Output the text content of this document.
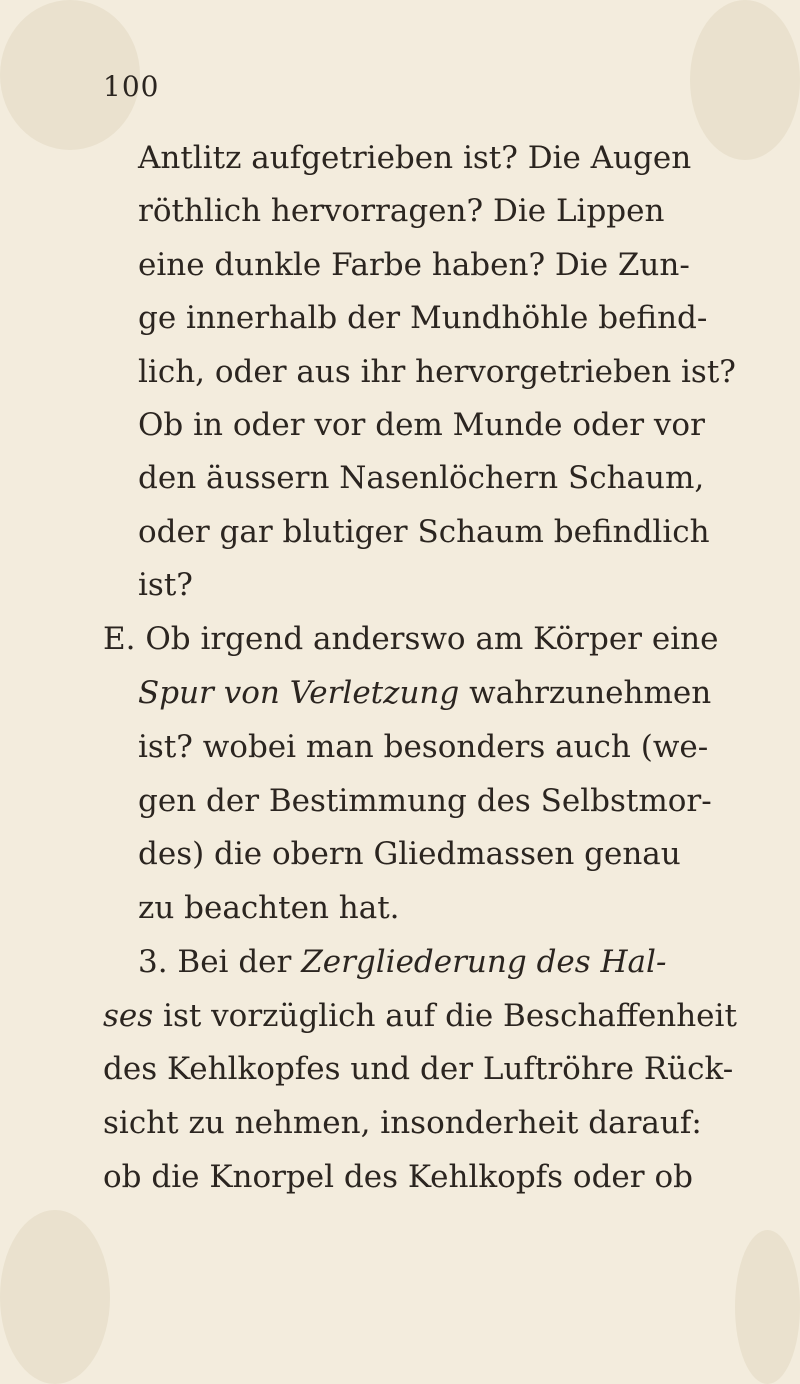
100

Antlitz aufgetrieben ist? Die Augen

röthlich hervorragen? Die Lippen

eine dunkle Farbe haben? Die Zun-

ge innerhalb der Mundhöhle befind-

lich, oder aus ihr hervorgetrieben ist?

Ob in oder vor dem Munde oder vor

den äussern Nasenlöchern Schaum,

oder gar blutiger Schaum befindlich

ist?

E. Ob irgend anderswo am Körper eine

Spur von Verletzung wahrzunehmen

ist? wobei man besonders auch (we-

gen der Bestimmung des Selbstmor-

des) die obern Gliedmassen genau

zu beachten hat.

3. Bei der Zergliederung des Hal-

ses ist vorzüglich auf die Beschaffenheit

des Kehlkopfes und der Luftröhre Rück-

sicht zu nehmen, insonderheit darauf:

ob die Knorpel des Kehlkopfs oder ob
